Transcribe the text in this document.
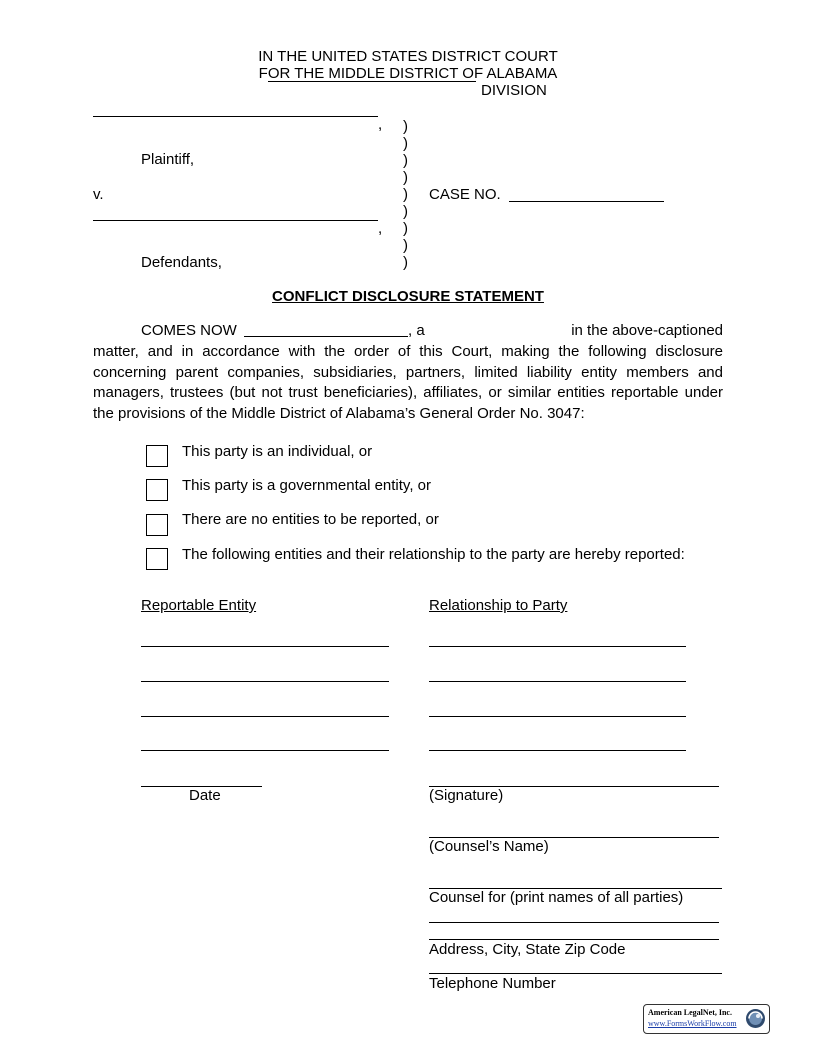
IN THE UNITED STATES DISTRICT COURT
FOR THE MIDDLE DISTRICT OF ALABAMA
DIVISION
,
Plaintiff,
v.
,
Defendants,
)
)
)
)
)
)
)
)
)
CASE NO.
CONFLICT DISCLOSURE STATEMENT
COMES NOW	, a	in the above-captioned
matter, and in accordance with the order of this Court, making the following disclosure
concerning parent companies, subsidiaries, partners, limited liability entity members and
managers, trustees (but not trust beneficiaries), affiliates, or similar entities reportable under
the provisions of the Middle District of Alabama’s General Order No. 3047:
This party is an individual, or
This party is a governmental entity, or
There are no entities to be reported, or
The following entities and their relationship to the party are hereby reported:
Reportable Entity	Relationship to Party
Date	(Signature)
(Counsel’s Name)
Counsel for (print names of all parties)
Address, City, State Zip Code
Telephone Number
American LegalNet, Inc.
www.FormsWorkFlow.com
